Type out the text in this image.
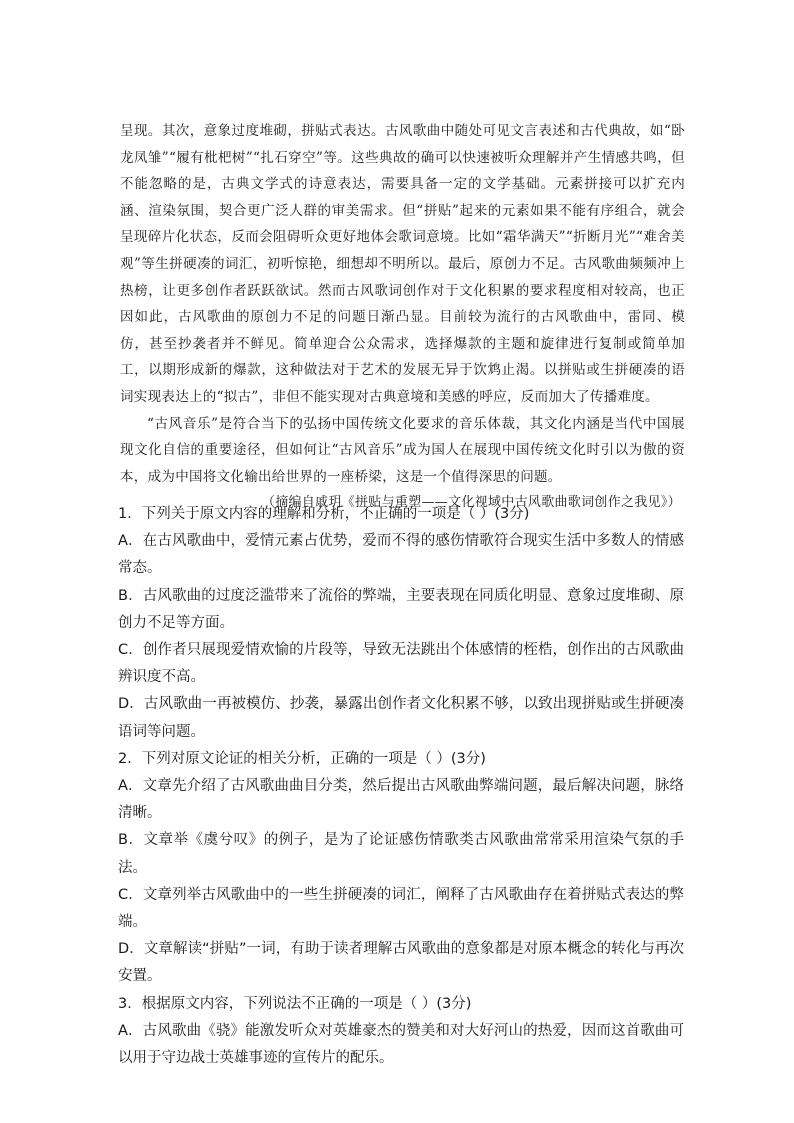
呈现。其次，意象过度堆砌，拼贴式表达。古风歌曲中随处可见文言表述和古代典故，如“卧龙凤雏”“履有枇杷树”“扎石穿空”等。这些典故的确可以快速被听众理解并产生情感共鸣，但不能忽略的是，古典文学式的诗意表达，需要具备一定的文学基础。元素拼接可以扩充内涵、渲染氛围，契合更广泛人群的审美需求。但“拼贴”起来的元素如果不能有序组合，就会呈现碎片化状态，反而会阻碍听众更好地体会歌词意境。比如“霜华满天”“折断月光”“难舍美观”等生拼硬凑的词汇，初听惊艳，细想却不明所以。最后，原创力不足。古风歌曲频频冲上热榜，让更多创作者跃跃欲试。然而古风歌词创作对于文化积累的要求程度相对较高，也正因如此，古风歌曲的原创力不足的问题日渐凸显。目前较为流行的古风歌曲中，雷同、模仿，甚至抄袭者并不鲜见。简单迎合公众需求，选择爆款的主题和旋律进行复制或简单加工，以期形成新的爆款，这种做法对于艺术的发展无异于饮鸩止渴。以拼贴或生拼硬凑的语词实现表达上的“拟古”，非但不能实现对古典意境和美感的呼应，反而加大了传播难度。

“古风音乐”是符合当下的弘扬中国传统文化要求的音乐体裁，其文化内涵是当代中国展现文化自信的重要途径，但如何让“古风音乐”成为国人在展现中国传统文化时引以为傲的资本，成为中国将文化输出给世界的一座桥梁，这是一个值得深思的问题。

（摘编自戚玥《拼贴与重塑——文化视域中古风歌曲歌词创作之我见》）

1．下列关于原文内容的理解和分析，不正确的一项是（ ）(3分)

A．在古风歌曲中，爱情元素占优势，爱而不得的感伤情歌符合现实生活中多数人的情感常态。

B．古风歌曲的过度泛滥带来了流俗的弊端，主要表现在同质化明显、意象过度堆砌、原创力不足等方面。

C．创作者只展现爱情欢愉的片段等，导致无法跳出个体感情的桎梏，创作出的古风歌曲辨识度不高。

D．古风歌曲一再被模仿、抄袭，暴露出创作者文化积累不够，以致出现拼贴或生拼硬凑语词等问题。

2．下列对原文论证的相关分析，正确的一项是（ ）(3分)

A．文章先介绍了古风歌曲曲目分类，然后提出古风歌曲弊端问题，最后解决问题，脉络清晰。

B．文章举《虞兮叹》的例子，是为了论证感伤情歌类古风歌曲常常采用渲染气氛的手法。

C．文章列举古风歌曲中的一些生拼硬凑的词汇，阐释了古风歌曲存在着拼贴式表达的弊端。

D．文章解读“拼贴”一词，有助于读者理解古风歌曲的意象都是对原本概念的转化与再次安置。

3．根据原文内容，下列说法不正确的一项是（ ）(3分)

A．古风歌曲《骁》能激发听众对英雄豪杰的赞美和对大好河山的热爱，因而这首歌曲可以用于守边战士英雄事迹的宣传片的配乐。
